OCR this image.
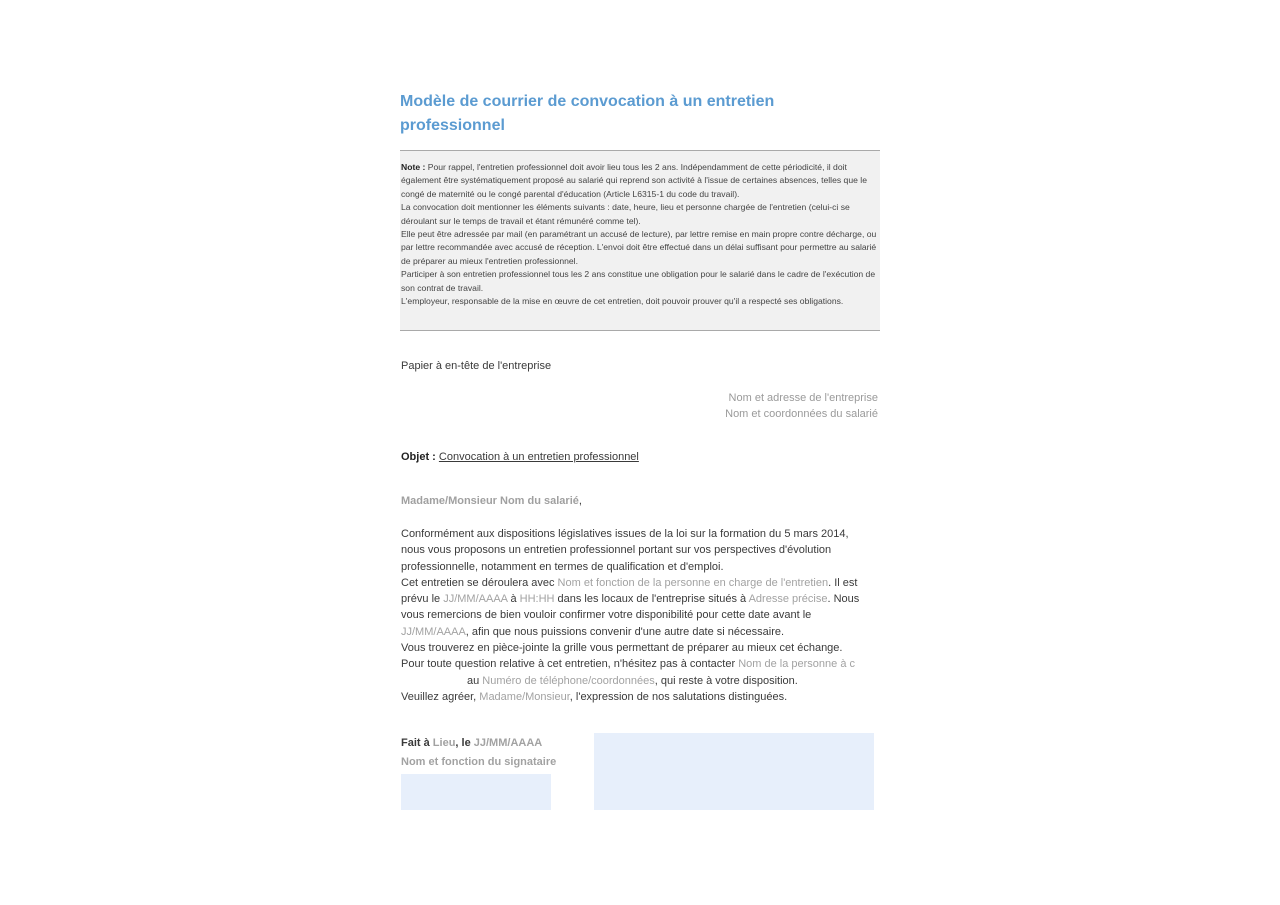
Modèle de courrier de convocation à un entretien professionnel

Note : Pour rappel, l'entretien professionnel doit avoir lieu tous les 2 ans. Indépendamment de cette périodicité, il doit également être systématiquement proposé au salarié qui reprend son activité à l'issue de certaines absences, telles que le congé de maternité ou le congé parental d'éducation (Article L6315-1 du code du travail).

La convocation doit mentionner les éléments suivants : date, heure, lieu et personne chargée de l'entretien (celui-ci se déroulant sur le temps de travail et étant rémunéré comme tel).

Elle peut être adressée par mail (en paramétrant un accusé de lecture), par lettre remise en main propre contre décharge, ou par lettre recommandée avec accusé de réception. L'envoi doit être effectué dans un délai suffisant pour permettre au salarié de préparer au mieux l'entretien professionnel.

Participer à son entretien professionnel tous les 2 ans constitue une obligation pour le salarié dans le cadre de l'exécution de son contrat de travail.

L'employeur, responsable de la mise en œuvre de cet entretien, doit pouvoir prouver qu'il a respecté ses obligations.

Papier à en-tête de l'entreprise
Nom et adresse de l'entreprise
Nom et coordonnées du salarié
Objet : Convocation à un entretien professionnel
Madame/Monsieur Nom du salarié,

Conformément aux dispositions législatives issues de la loi sur la formation du 5 mars 2014,

nous vous proposons un entretien professionnel portant sur vos perspectives d'évolution

professionnelle, notamment en termes de qualification et d'emploi.

Cet entretien se déroulera avec Nom et fonction de la personne en charge de l'entretien. Il est

prévu le JJ/MM/AAAA à HH:HH dans les locaux de l'entreprise situés à Adresse précise. Nous

vous remercions de bien vouloir confirmer votre disponibilité pour cette date avant le

JJ/MM/AAAA, afin que nous puissions convenir d'une autre date si nécessaire.

Vous trouverez en pièce-jointe la grille vous permettant de préparer au mieux cet échange.

Pour toute question relative à cet entretien, n'hésitez pas à contacter Nom de la personne à c

au Numéro de téléphone/coordonnées, qui reste à votre disposition.

Veuillez agréer, Madame/Monsieur, l'expression de nos salutations distinguées.

Fait à Lieu, le JJ/MM/AAAA
Nom et fonction du signataire
